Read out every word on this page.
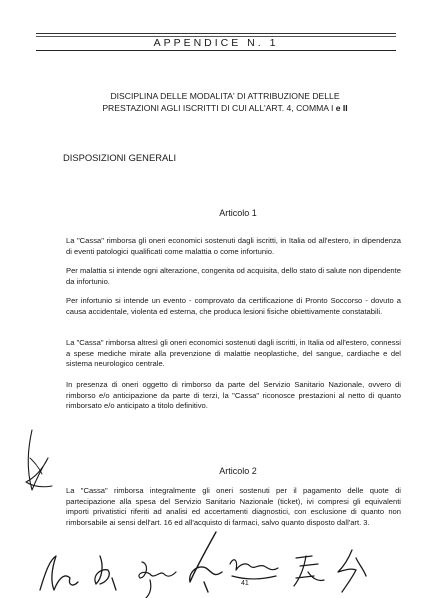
APPENDICE N. 1
DISCIPLINA DELLE MODALITA' DI ATTRIBUZIONE DELLE
PRESTAZIONI AGLI ISCRITTI DI CUI ALL'ART. 4, COMMA I e II
DISPOSIZIONI GENERALI
Articolo 1

La "Cassa" rimborsa gli oneri economici sostenuti dagli iscritti, in Italia od all'estero, in dipendenza di eventi patologici qualificati come malattia o come infortunio.

Per malattia si intende ogni alterazione, congenita od acquisita, dello stato di salute non dipendente da infortunio.

Per infortunio si intende un evento - comprovato da certificazione di Pronto Soccorso - dovuto a causa accidentale, violenta ed esterna, che produca lesioni fisiche obiettivamente constatabili.

La "Cassa" rimborsa altresì gli oneri economici sostenuti dagli iscritti, in Italia od all'estero, connessi a spese mediche mirate alla prevenzione di malattie neoplastiche, del sangue, cardiache e del sistema neurologico centrale.

In presenza di oneri oggetto di rimborso da parte del Servizio Sanitario Nazionale, ovvero di rimborso e/o anticipazione da parte di terzi, la "Cassa" riconosce prestazioni al netto di quanto rimborsato e/o anticipato a titolo definitivo.

Articolo 2

La "Cassa" rimborsa integralmente gli oneri sostenuti per il pagamento delle quote di partecipazione alla spesa del Servizio Sanitario Nazionale (ticket), ivi compresi gli equivalenti importi privatistici riferiti ad analisi ed accertamenti diagnostici, con esclusione di quanto non rimborsabile ai sensi dell'art. 16 ed all'acquisto di farmaci, salvo quanto disposto dall'art. 3.

41
